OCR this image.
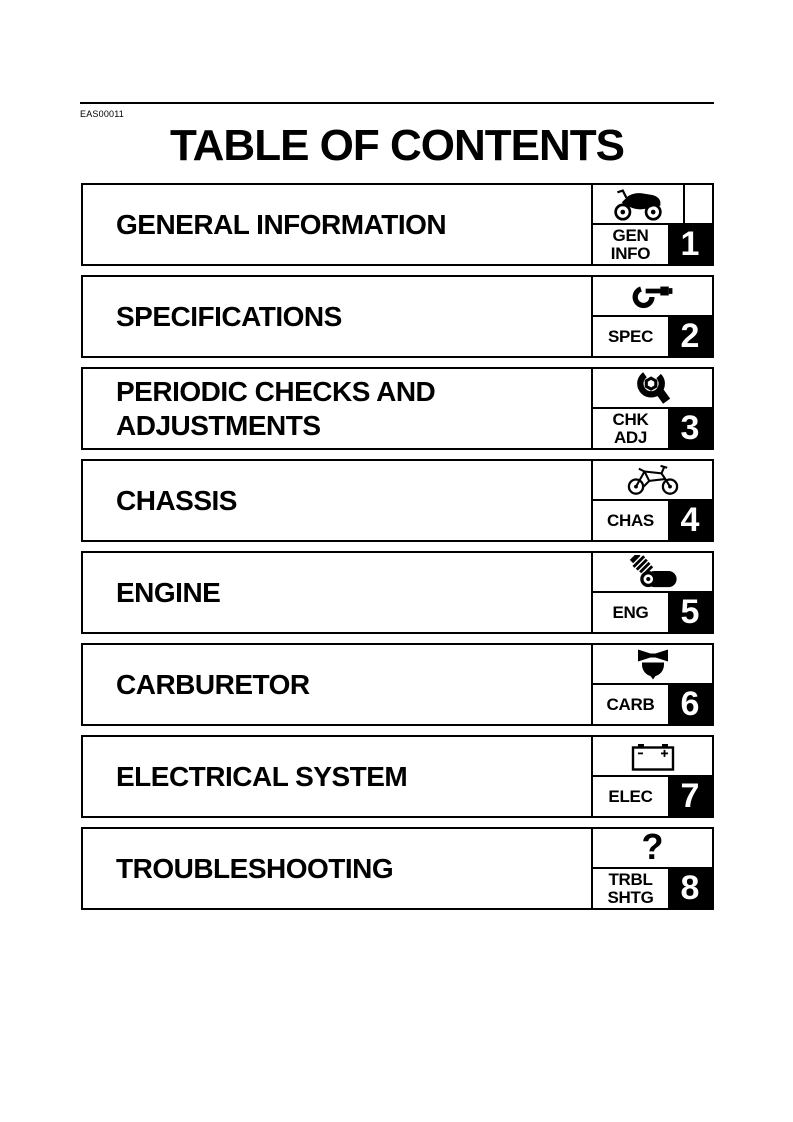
EAS00011
TABLE OF CONTENTS
GENERAL INFORMATION	GEN
INFO 1
SPECIFICATIONS
SPEC 2
PERIODIC CHECKS AND ADJUSTMENTS	CHK
ADJ 3
CHASSIS
CHAS 4
ENGINE
ENG 5
CARBURETOR
CARB 6
ELECTRICAL SYSTEM
ELEC 7
TROUBLESHOOTING
?
TRBL
SHTG 8
